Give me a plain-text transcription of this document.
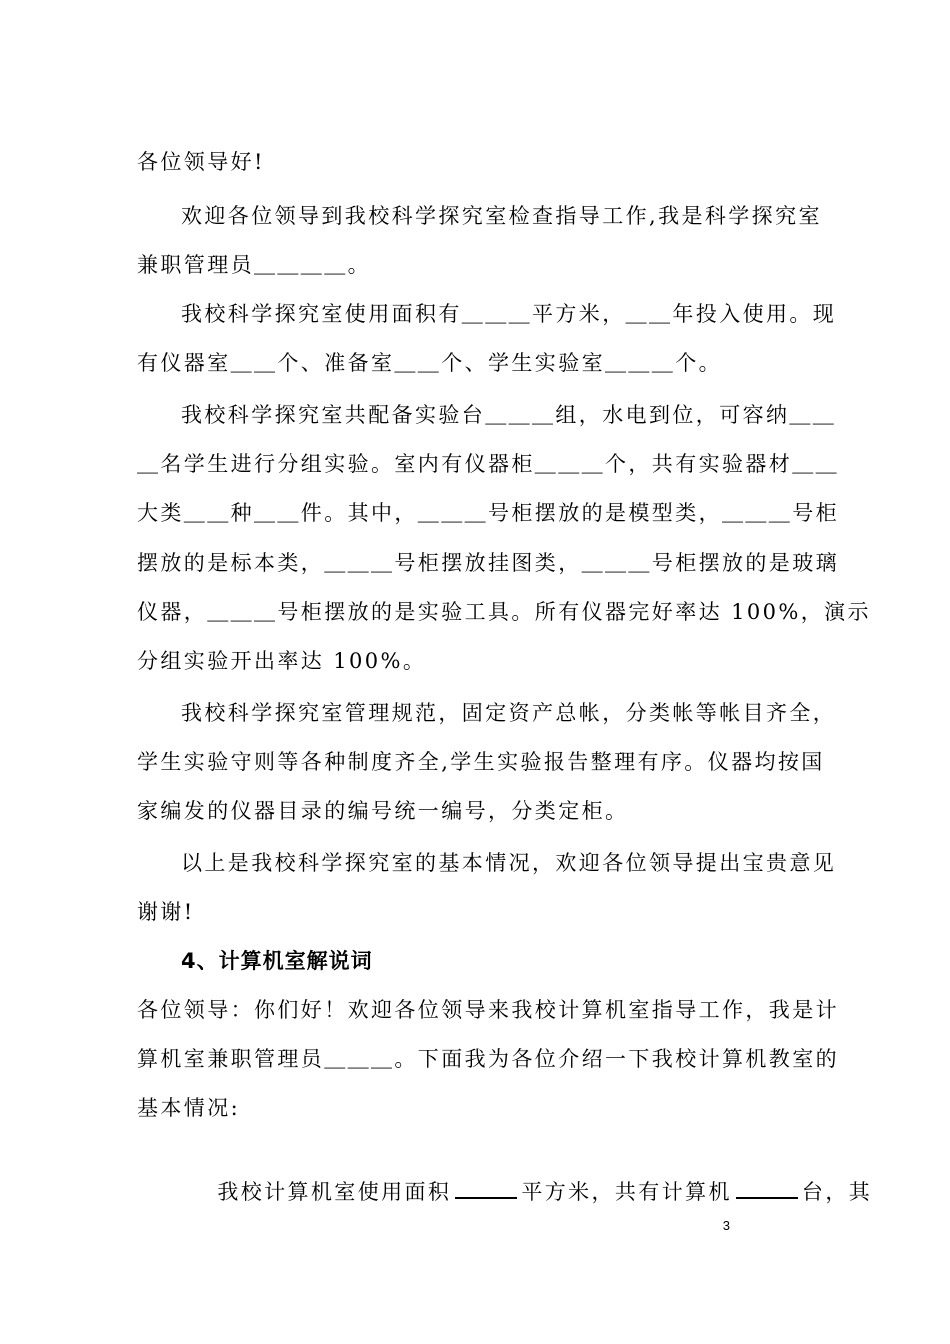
各位领导好!
欢迎各位领导到我校科学探究室检查指导工作,我是科学探究室
兼职管理员＿＿＿＿。
我校科学探究室使用面积有＿＿＿平方米，＿＿年投入使用。现
有仪器室＿＿个、准备室＿＿个、学生实验室＿＿＿个。
我校科学探究室共配备实验台＿＿＿组，水电到位，可容纳＿＿
＿名学生进行分组实验。室内有仪器柜＿＿＿个，共有实验器材＿＿
大类＿＿种＿＿件。其中，＿＿＿号柜摆放的是模型类，＿＿＿号柜
摆放的是标本类，＿＿＿号柜摆放挂图类，＿＿＿号柜摆放的是玻璃
仪器，＿＿＿号柜摆放的是实验工具。所有仪器完好率达 100%，演示
分组实验开出率达 100%。
我校科学探究室管理规范，固定资产总帐，分类帐等帐目齐全，
学生实验守则等各种制度齐全,学生实验报告整理有序。仪器均按国
家编发的仪器目录的编号统一编号，分类定柜。
以上是我校科学探究室的基本情况，欢迎各位领导提出宝贵意见
谢谢!
4、计算机室解说词
各位领导：你们好！欢迎各位领导来我校计算机室指导工作，我是计
算机室兼职管理员＿＿＿。下面我为各位介绍一下我校计算机教室的
基本情况:

我校计算机室使用面积	平方米，共有计算机	台，其

3
